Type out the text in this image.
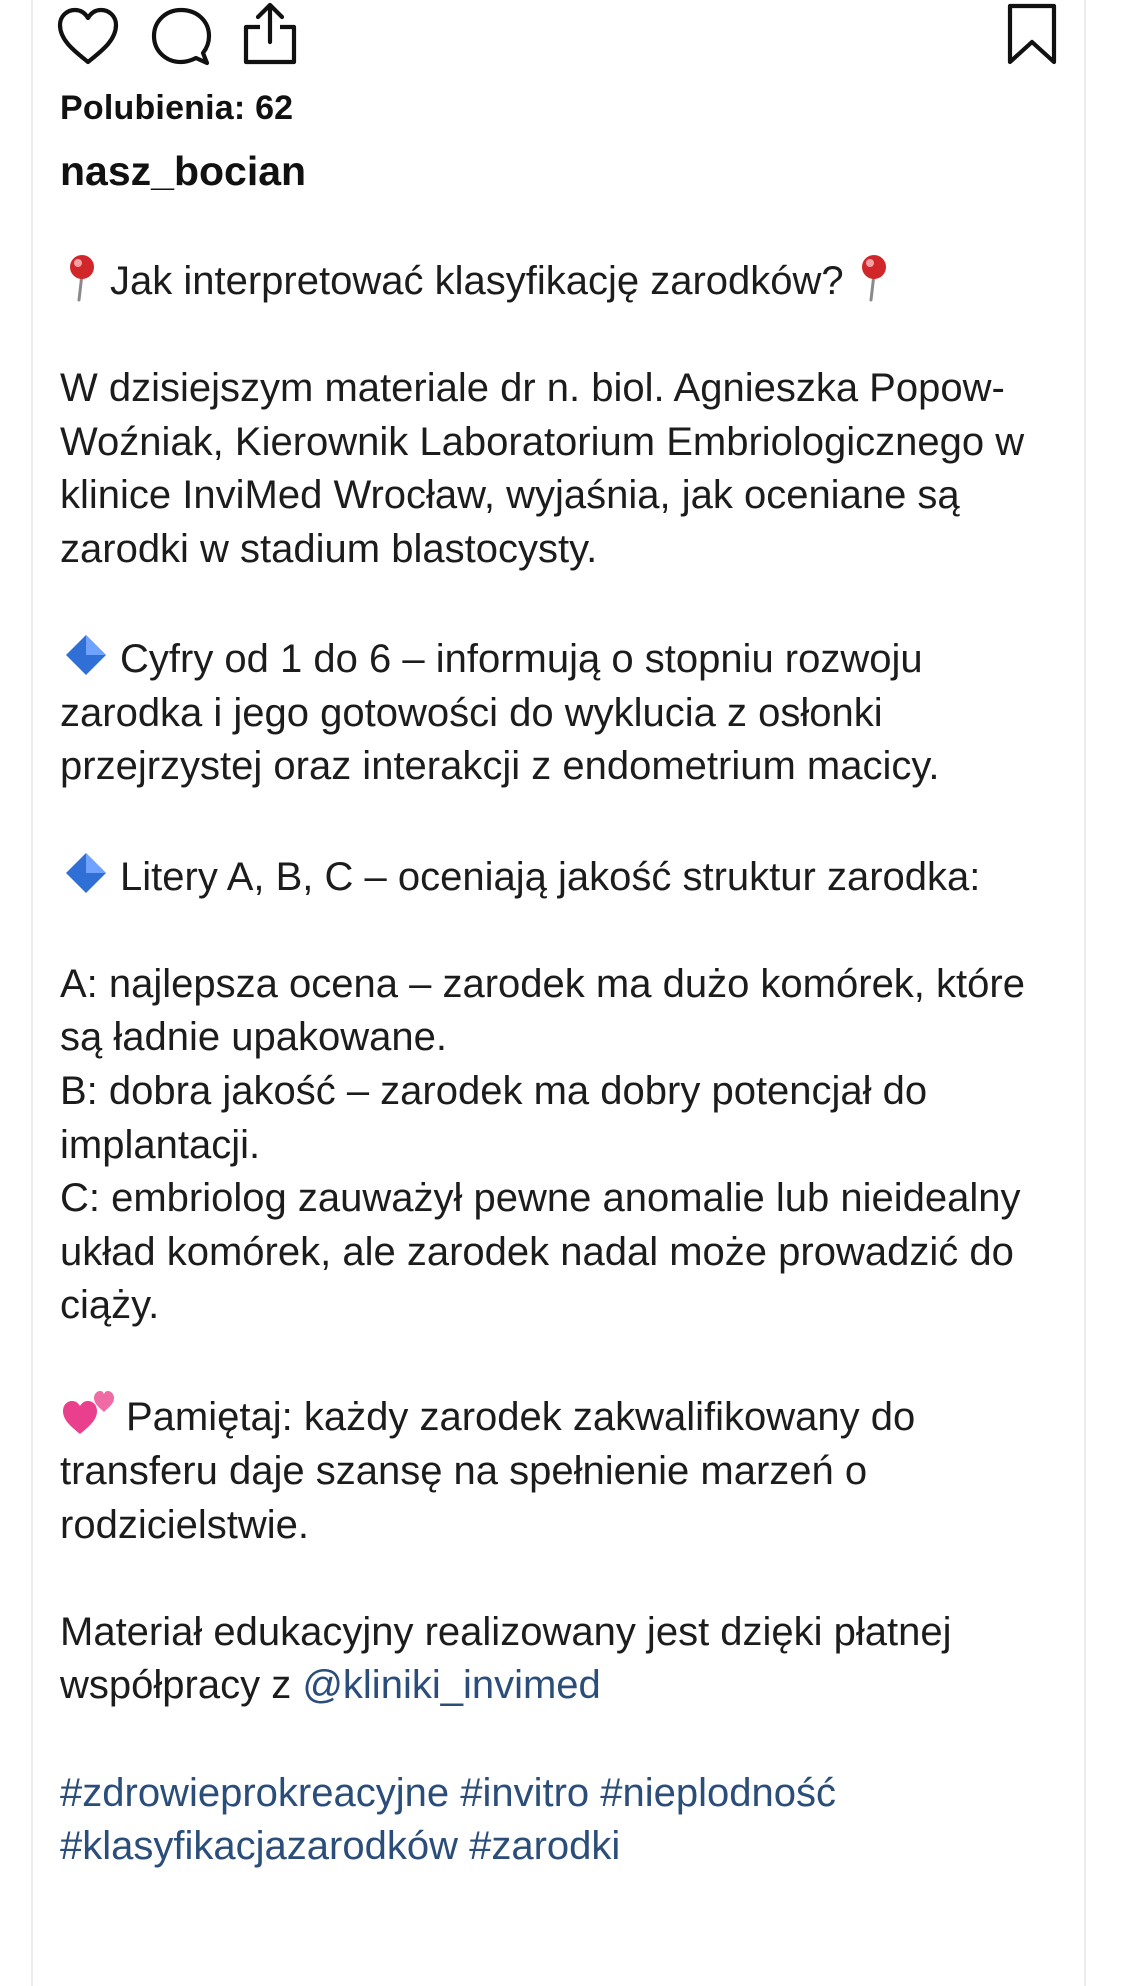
Polubienia: 62
nasz_bocian

Jak interpretować klasyfikację zarodków?

W dzisiejszym materiale dr n. biol. Agnieszka Popow-Woźniak, Kierownik Laboratorium Embriologicznego w klinice InviMed Wrocław, wyjaśnia, jak oceniane są zarodki w stadium blastocysty.

Cyfry od 1 do 6 – informują o stopniu rozwoju zarodka i jego gotowości do wyklucia z osłonki przejrzystej oraz interakcji z endometrium macicy.

Litery A, B, C – oceniają jakość struktur zarodka:

A: najlepsza ocena – zarodek ma dużo komórek, które są ładnie upakowane.

B: dobra jakość – zarodek ma dobry potencjał do implantacji.

C: embriolog zauważył pewne anomalie lub nieidealny układ komórek, ale zarodek nadal może prowadzić do ciąży.

Pamiętaj: każdy zarodek zakwalifikowany do transferu daje szansę na spełnienie marzeń o rodzicielstwie.

Materiał edukacyjny realizowany jest dzięki płatnej współpracy z @kliniki_invimed

#zdrowieprokreacyjne #invitro #nieplodność
#klasyfikacjazarodków #zarodki
